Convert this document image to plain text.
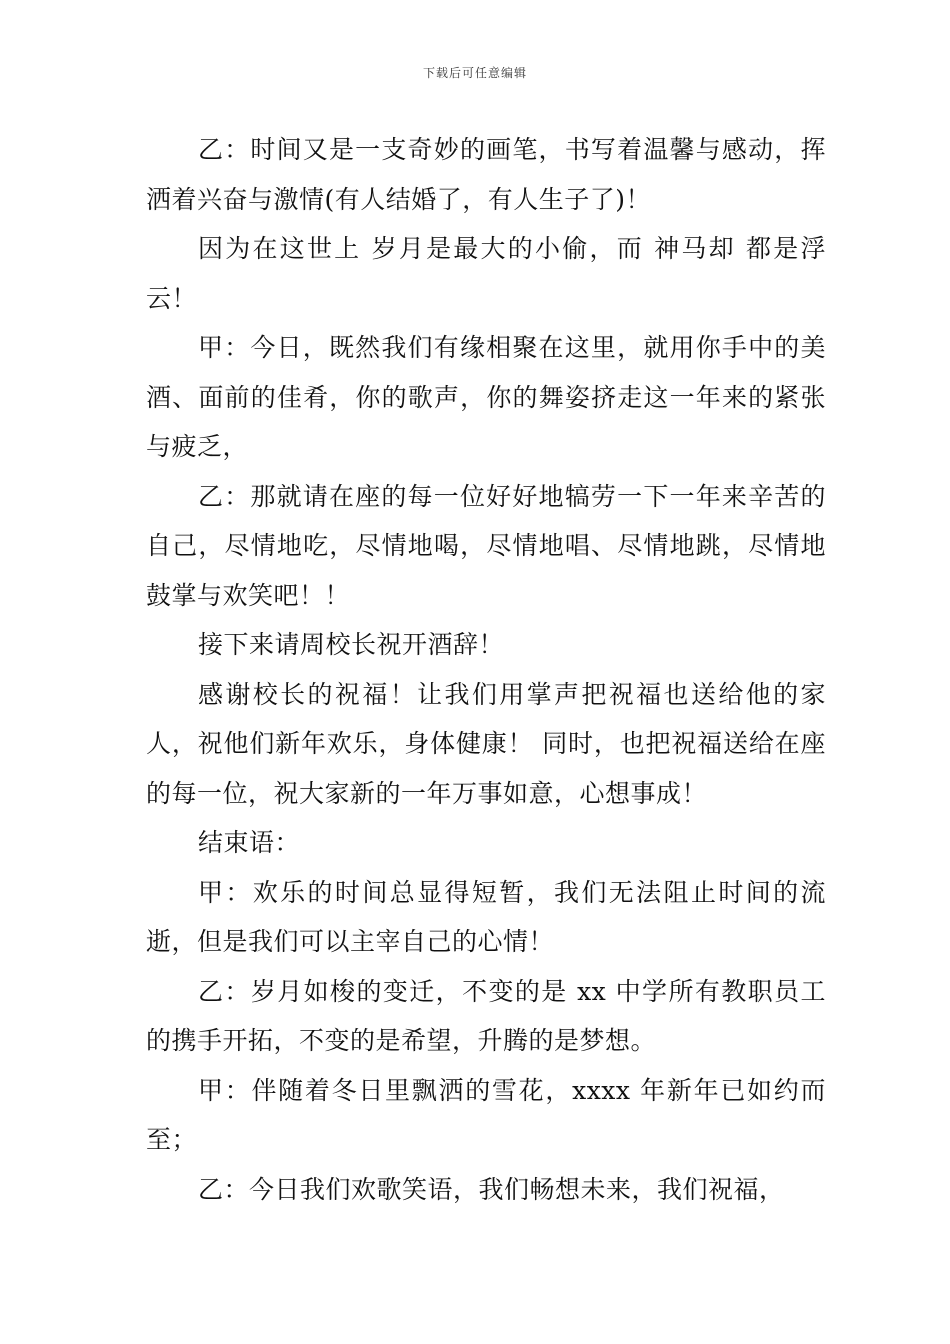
下载后可任意编辑

乙：时间又是一支奇妙的画笔，书写着温馨与感动，挥洒着兴奋与激情(有人结婚了，有人生子了)！

因为在这世上 岁月是最大的小偷，而 神马却 都是浮云！

甲：今日，既然我们有缘相聚在这里，就用你手中的美酒、面前的佳肴，你的歌声，你的舞姿挤走这一年来的紧张与疲乏，

乙：那就请在座的每一位好好地犒劳一下一年来辛苦的自己，尽情地吃，尽情地喝，尽情地唱、尽情地跳，尽情地鼓掌与欢笑吧！！

接下来请周校长祝开酒辞！

感谢校长的祝福！让我们用掌声把祝福也送给他的家人，祝他们新年欢乐，身体健康！ 同时，也把祝福送给在座的每一位，祝大家新的一年万事如意，心想事成！

结束语：

甲：欢乐的时间总显得短暂，我们无法阻止时间的流逝，但是我们可以主宰自己的心情！

乙：岁月如梭的变迁，不变的是 xx 中学所有教职员工的携手开拓，不变的是希望，升腾的是梦想。

甲：伴随着冬日里飘洒的雪花，xxxx 年新年已如约而至；

乙：今日我们欢歌笑语，我们畅想未来，我们祝福，
